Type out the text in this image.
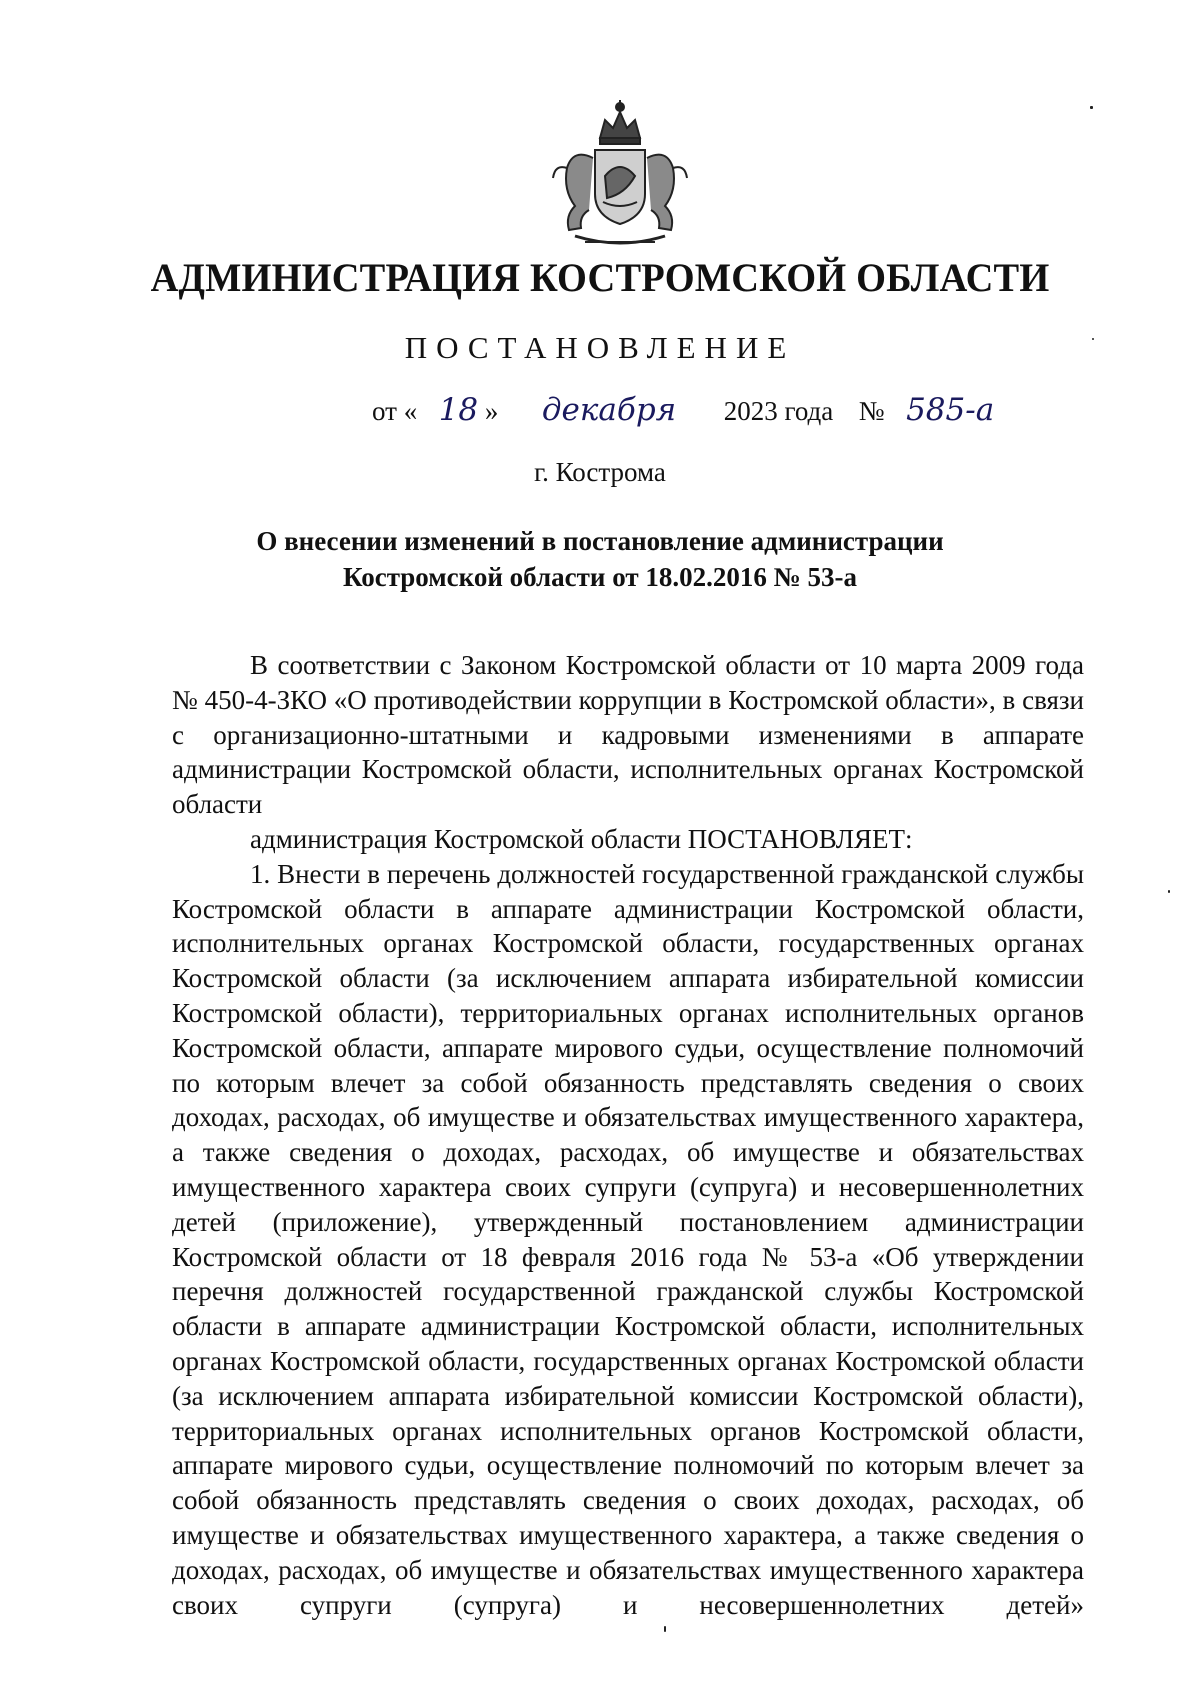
АДМИНИСТРАЦИЯ КОСТРОМСКОЙ ОБЛАСТИ
ПОСТАНОВЛЕНИЕ
от « 18 » декабря 2023 года № 585-а
г. Кострома
О внесении изменений в постановление администрации
Костромской области от 18.02.2016 № 53-а

В соответствии с Законом Костромской области от 10 марта 2009 года № 450-4-ЗКО «О противодействии коррупции в Костромской области», в связи с организационно-штатными и кадровыми изменениями в аппарате администрации Костромской области, исполнительных органах Костромской области

администрация Костромской области ПОСТАНОВЛЯЕТ:

1. Внести в перечень должностей государственной гражданской службы Костромской области в аппарате администрации Костромской области, исполнительных органах Костромской области, государственных органах Костромской области (за исключением аппарата избирательной комиссии Костромской области), территориальных органах исполнительных органов Костромской области, аппарате мирового судьи, осуществление полномочий по которым влечет за собой обязанность представлять сведения о своих доходах, расходах, об имуществе и обязательствах имущественного характера, а также сведения о доходах, расходах, об имуществе и обязательствах имущественного характера своих супруги (супруга) и несовершеннолетних детей (приложение), утвержденный постановлением администрации Костромской области от 18 февраля 2016 года № 53-а «Об утверждении перечня должностей государственной гражданской службы Костромской области в аппарате администрации Костромской области, исполнительных органах Костромской области, государственных органах Костромской области (за исключением аппарата избирательной комиссии Костромской области), территориальных органах исполнительных органов Костромской области, аппарате мирового судьи, осуществление полномочий по которым влечет за собой обязанность представлять сведения о своих доходах, расходах, об имуществе и обязательствах имущественного характера, а также сведения о доходах, расходах, об имуществе и обязательствах имущественного характера своих супруги (супруга) и несовершеннолетних детей»
